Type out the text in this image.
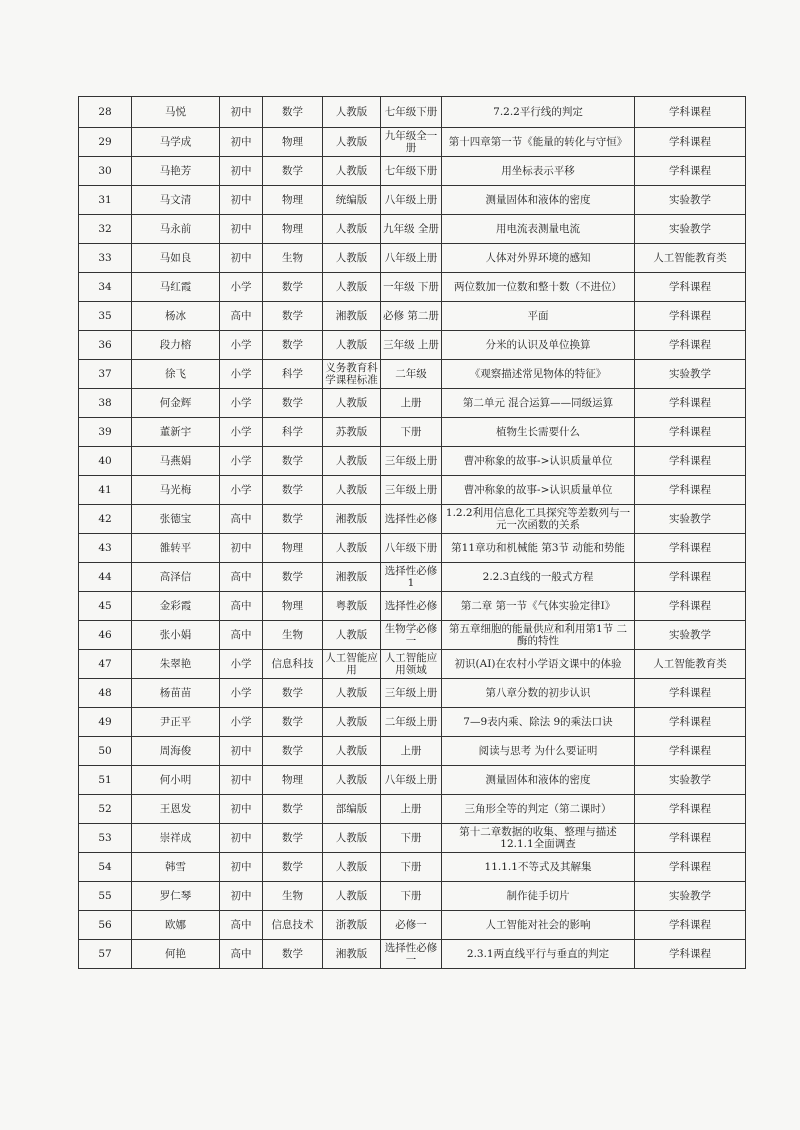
28	马悦	初中	数学	人教版	七年级下册	7.2.2平行线的判定	学科课程
29	马学成	初中	物理	人教版	九年级全一册	第十四章第一节《能量的转化与守恒》	学科课程
30	马艳芳	初中	数学	人教版	七年级下册	用坐标表示平移	学科课程
31	马文清	初中	物理	统编版	八年级上册	测量固体和液体的密度	实验教学
32	马永前	初中	物理	人教版	九年级 全册	用电流表测量电流	实验教学
33	马如良	初中	生物	人教版	八年级上册	人体对外界环境的感知	人工智能教育类
34	马红霞	小学	数学	人教版	一年级 下册	两位数加一位数和整十数（不进位）	学科课程
35	杨冰	高中	数学	湘教版	必修 第二册	平面	学科课程
36	段力榕	小学	数学	人教版	三年级 上册	分米的认识及单位换算	学科课程
37	徐飞	小学	科学	义务教育科学课程标准	二年级	《观察描述常见物体的特征》	实验教学
38	何金辉	小学	数学	人教版	上册	第二单元 混合运算——同级运算	学科课程
39	董新宇	小学	科学	苏教版	下册	植物生长需要什么	学科课程
40	马燕娟	小学	数学	人教版	三年级上册	曹冲称象的故事->认识质量单位	学科课程
41	马光梅	小学	数学	人教版	三年级上册	曹冲称象的故事->认识质量单位	学科课程
42	张德宝	高中	数学	湘教版	选择性必修	1.2.2利用信息化工具探究等差数列与一元一次函数的关系	实验教学
43	雒转平	初中	物理	人教版	八年级下册	第11章功和机械能 第3节 动能和势能	学科课程
44	高泽信	高中	数学	湘教版	选择性必修1	2.2.3直线的一般式方程	学科课程
45	金彩霞	高中	物理	粤教版	选择性必修	第二章 第一节《气体实验定律Ⅰ》	学科课程
46	张小娟	高中	生物	人教版	生物学必修一	第五章细胞的能量供应和利用第1节 二 酶的特性	实验教学
47	朱翠艳	小学	信息科技	人工智能应用	人工智能应用领域	初识(AI)在农村小学语文课中的体验	人工智能教育类
48	杨苗苗	小学	数学	人教版	三年级上册	第八章分数的初步认识	学科课程
49	尹正平	小学	数学	人教版	二年级上册	7—9表内乘、除法 9的乘法口诀	学科课程
50	周海俊	初中	数学	人教版	上册	阅读与思考 为什么要证明	学科课程
51	何小明	初中	物理	人教版	八年级上册	测量固体和液体的密度	实验教学
52	王恩发	初中	数学	部编版	上册	三角形全等的判定（第二课时）	学科课程
53	崇祥成	初中	数学	人教版	下册	第十二章数据的收集、整理与描述12.1.1全面调查	学科课程
54	韩雪	初中	数学	人教版	下册	11.1.1不等式及其解集	学科课程
55	罗仁琴	初中	生物	人教版	下册	制作徒手切片	实验教学
56	欧娜	高中	信息技术	浙教版	必修一	人工智能对社会的影响	学科课程
57	何艳	高中	数学	湘教版	选择性必修一	2.3.1两直线平行与垂直的判定	学科课程
